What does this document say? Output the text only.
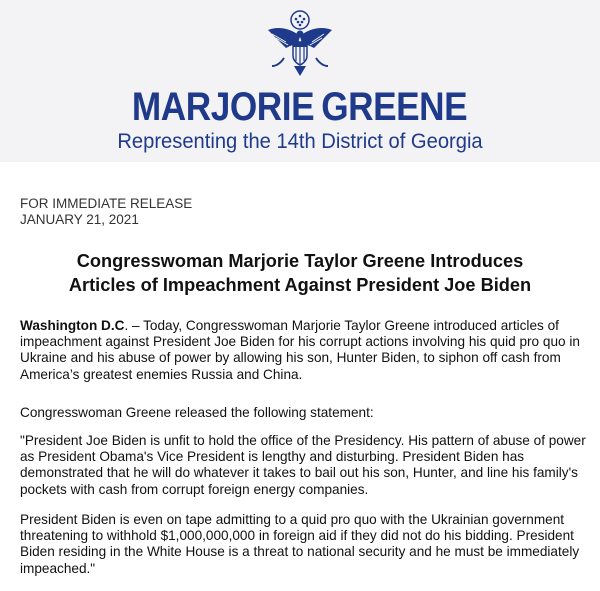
MARJORIE GREENE
Representing the 14th District of Georgia
FOR IMMEDIATE RELEASE
JANUARY 21, 2021
Congresswoman Marjorie Taylor Greene Introduces
Articles of Impeachment Against President Joe Biden
Washington D.C. – Today, Congresswoman Marjorie Taylor Greene introduced articles of impeachment against President Joe Biden for his corrupt actions involving his quid pro quo in Ukraine and his abuse of power by allowing his son, Hunter Biden, to siphon off cash from America’s greatest enemies Russia and China.
Congresswoman Greene released the following statement:
"President Joe Biden is unfit to hold the office of the Presidency. His pattern of abuse of power as President Obama's Vice President is lengthy and disturbing. President Biden has demonstrated that he will do whatever it takes to bail out his son, Hunter, and line his family's pockets with cash from corrupt foreign energy companies.
President Biden is even on tape admitting to a quid pro quo with the Ukrainian government threatening to withhold $1,000,000,000 in foreign aid if they did not do his bidding. President Biden residing in the White House is a threat to national security and he must be immediately impeached."
